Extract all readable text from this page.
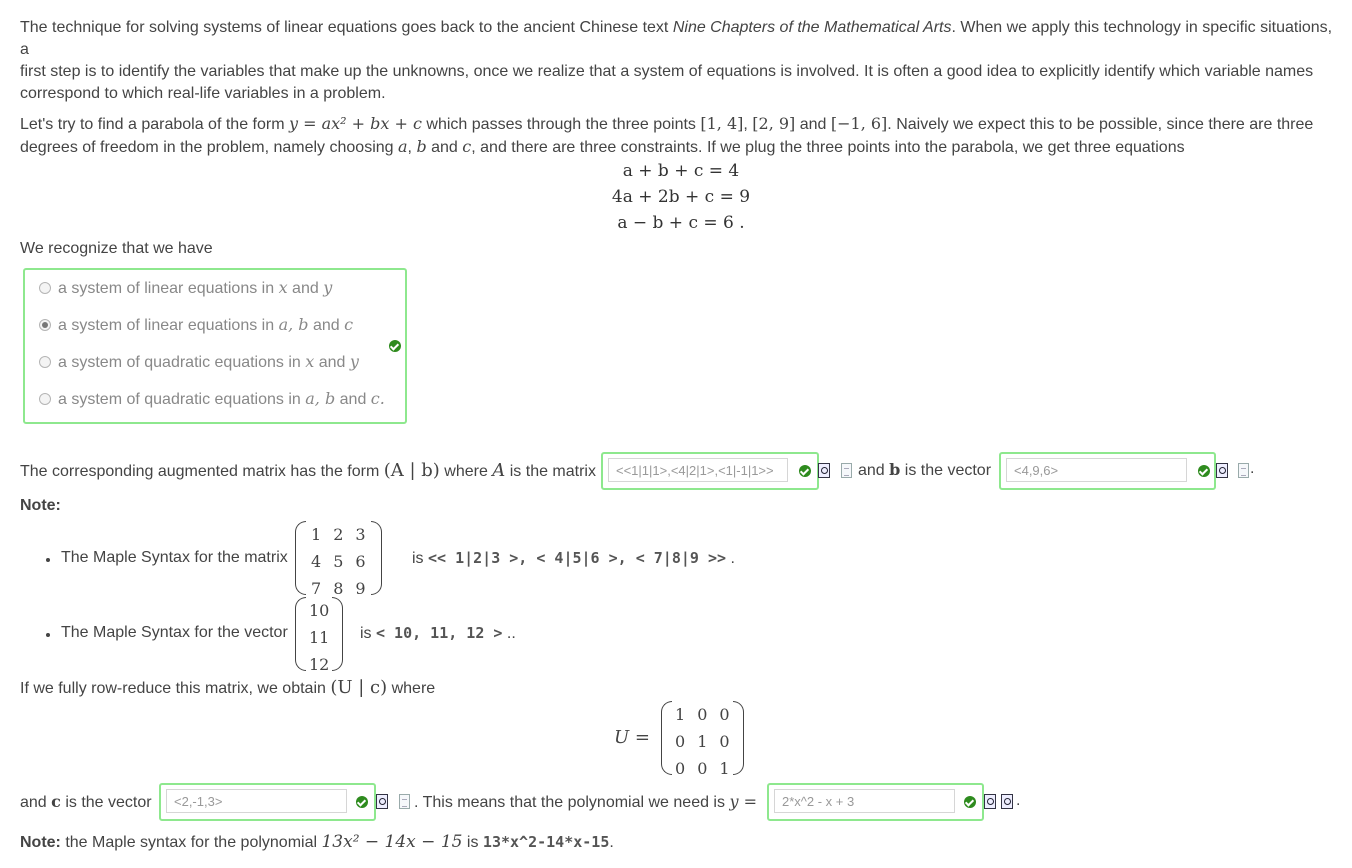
The technique for solving systems of linear equations goes back to the ancient Chinese text Nine Chapters of the Mathematical Arts. When we apply this technology in specific situations, a
first step is to identify the variables that make up the unknowns, once we realize that a system of equations is involved. It is often a good idea to explicitly identify which variable names
correspond to which real-life variables in a problem.
Let's try to find a parabola of the form y = ax² + bx + c which passes through the three points [1, 4], [2, 9] and [−1, 6]. Naively we expect this to be possible, since there are three
degrees of freedom in the problem, namely choosing a, b and c, and there are three constraints. If we plug the three points into the parabola, we get three equations
a + b + c = 4
4a + 2b + c = 9
a − b + c = 6 .
We recognize that we have
a system of linear equations in x and y
a system of linear equations in a, b and c
a system of quadratic equations in x and y
a system of quadratic equations in a, b and c.
The corresponding augmented matrix has the form (A | b) where A is the matrix	<<1|1|1>,<4|2|1>,<1|-1|1>>	and b is the vector	<4,9,6>	.
Note:
The Maple Syntax for the matrix
1	2	3
4	5	6
7	8	9
is << 1|2|3 >, < 4|5|6 >, < 7|8|9 >> .
The Maple Syntax for the vector
10
11
12
is < 10, 11, 12 > ..
If we fully row-reduce this matrix, we obtain (U | c) where
U =
1	0	0
0	1	0
0	0	1
and c is the vector	<2,-1,3>	. This means that the polynomial we need is y =	2*x^2 - x + 3	.
Note: the Maple syntax for the polynomial 13x² − 14x − 15 is 13*x^2-14*x-15.
